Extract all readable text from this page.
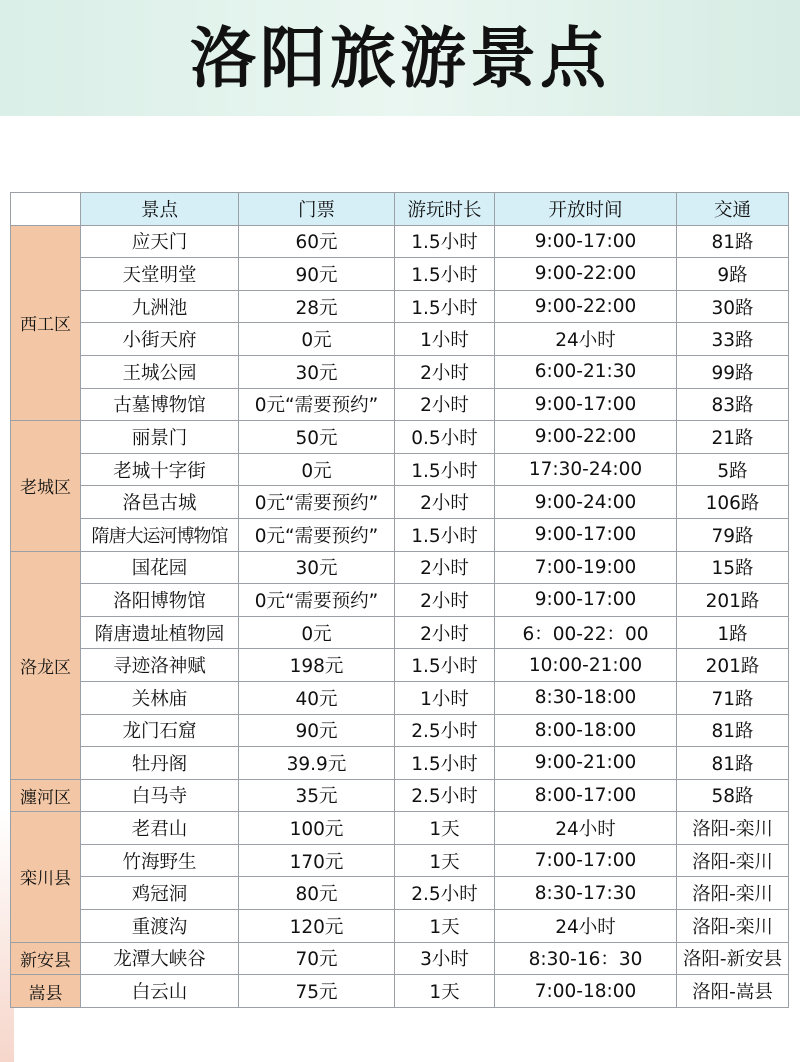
洛阳旅游景点
	景点	门票	游玩时长	开放时间	交通
西工区	应天门	60元	1.5小时	9:00-17:00	81路
	天堂明堂	90元	1.5小时	9:00-22:00	9路
	九洲池	28元	1.5小时	9:00-22:00	30路
	小街天府	0元	1小时	24小时	33路
	王城公园	30元	2小时	6:00-21:30	99路
	古墓博物馆	0元“需要预约”	2小时	9:00-17:00	83路
老城区	丽景门	50元	0.5小时	9:00-22:00	21路
	老城十字街	0元	1.5小时	17:30-24:00	5路
	洛邑古城	0元“需要预约”	2小时	9:00-24:00	106路
	隋唐大运河博物馆	0元“需要预约”	1.5小时	9:00-17:00	79路
洛龙区	国花园	30元	2小时	7:00-19:00	15路
	洛阳博物馆	0元“需要预约”	2小时	9:00-17:00	201路
	隋唐遗址植物园	0元	2小时	6：00-22：00	1路
	寻迹洛神赋	198元	1.5小时	10:00-21:00	201路
	关林庙	40元	1小时	8:30-18:00	71路
	龙门石窟	90元	2.5小时	8:00-18:00	81路
	牡丹阁	39.9元	1.5小时	9:00-21:00	81路
瀍河区	白马寺	35元	2.5小时	8:00-17:00	58路
栾川县	老君山	100元	1天	24小时	洛阳-栾川
	竹海野生	170元	1天	7:00-17:00	洛阳-栾川
	鸡冠洞	80元	2.5小时	8:30-17:30	洛阳-栾川
	重渡沟	120元	1天	24小时	洛阳-栾川
新安县	龙潭大峡谷	70元	3小时	8:30-16：30	洛阳-新安县
嵩县	白云山	75元	1天	7:00-18:00	洛阳-嵩县
